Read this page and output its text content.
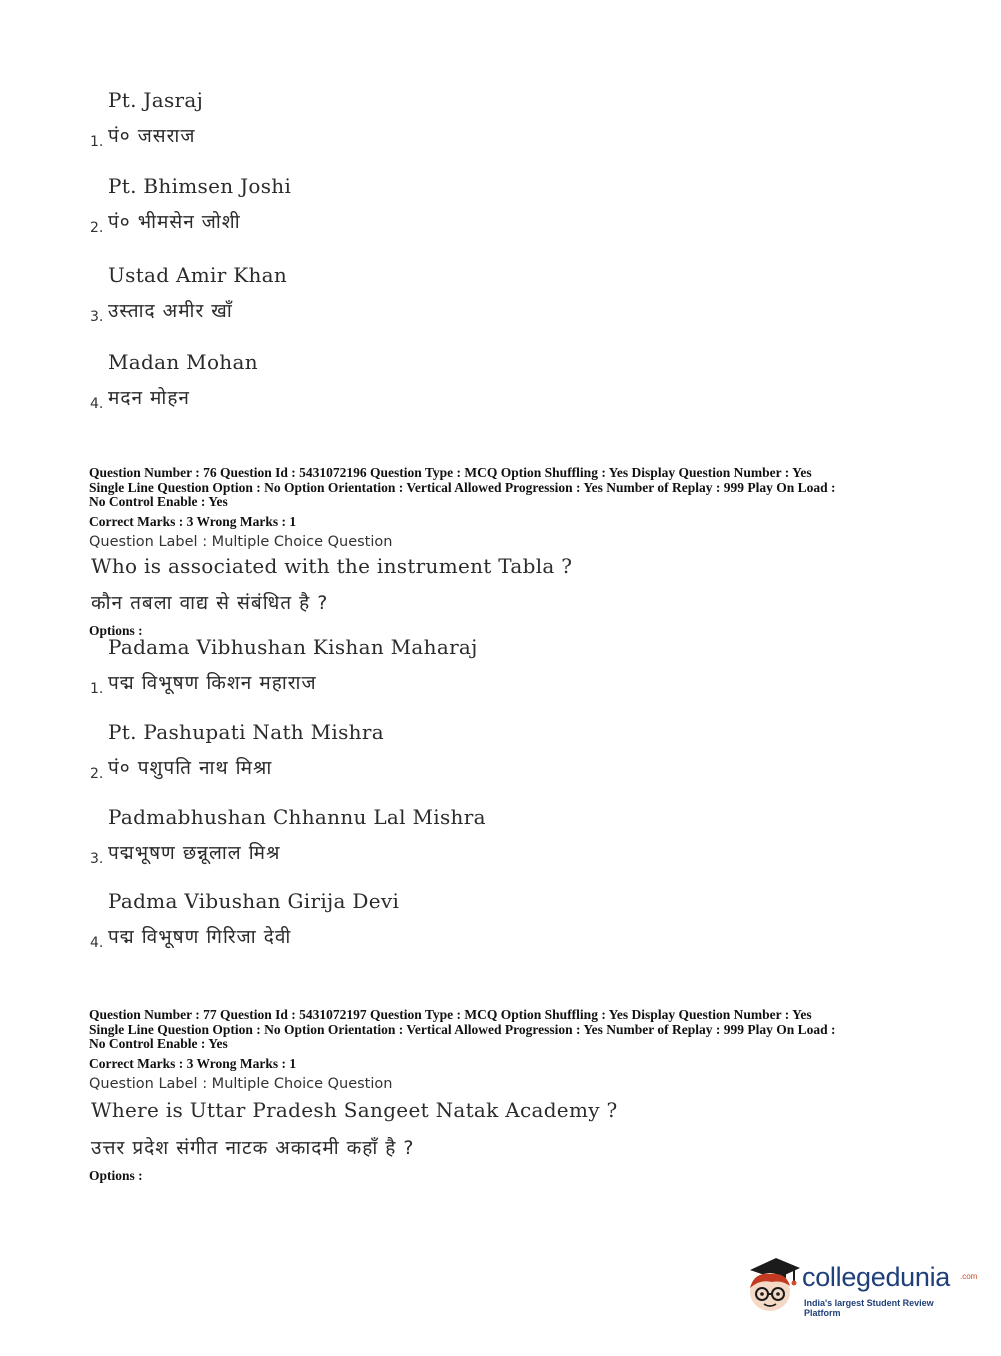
Pt. Jasraj
1. पं० जसराज
Pt. Bhimsen Joshi
2. पं० भीमसेन जोशी
Ustad Amir Khan
3. उस्ताद अमीर खाँ
Madan Mohan
4. मदन मोहन
Question Number : 76 Question Id : 5431072196 Question Type : MCQ Option Shuffling : Yes Display Question Number : Yes
Single Line Question Option : No Option Orientation : Vertical Allowed Progression : Yes Number of Replay : 999 Play On Load :
No Control Enable : Yes
Correct Marks : 3 Wrong Marks : 1
Question Label : Multiple Choice Question
Who is associated with the instrument Tabla ?
कौन तबला वाद्य से संबंधित है ?
Options :
Padama Vibhushan Kishan Maharaj
1. पद्म विभूषण किशन महाराज
Pt. Pashupati Nath Mishra
2. पं० पशुपति नाथ मिश्रा
Padmabhushan Chhannu Lal Mishra
3. पद्मभूषण छन्नूलाल मिश्र
Padma Vibushan Girija Devi
4. पद्म विभूषण गिरिजा देवी
Question Number : 77 Question Id : 5431072197 Question Type : MCQ Option Shuffling : Yes Display Question Number : Yes
Single Line Question Option : No Option Orientation : Vertical Allowed Progression : Yes Number of Replay : 999 Play On Load :
No Control Enable : Yes
Correct Marks : 3 Wrong Marks : 1
Question Label : Multiple Choice Question
Where is Uttar Pradesh Sangeet Natak Academy ?
उत्तर प्रदेश संगीत नाटक अकादमी कहाँ है ?
Options :
collegedunia .com
India's largest Student Review Platform
